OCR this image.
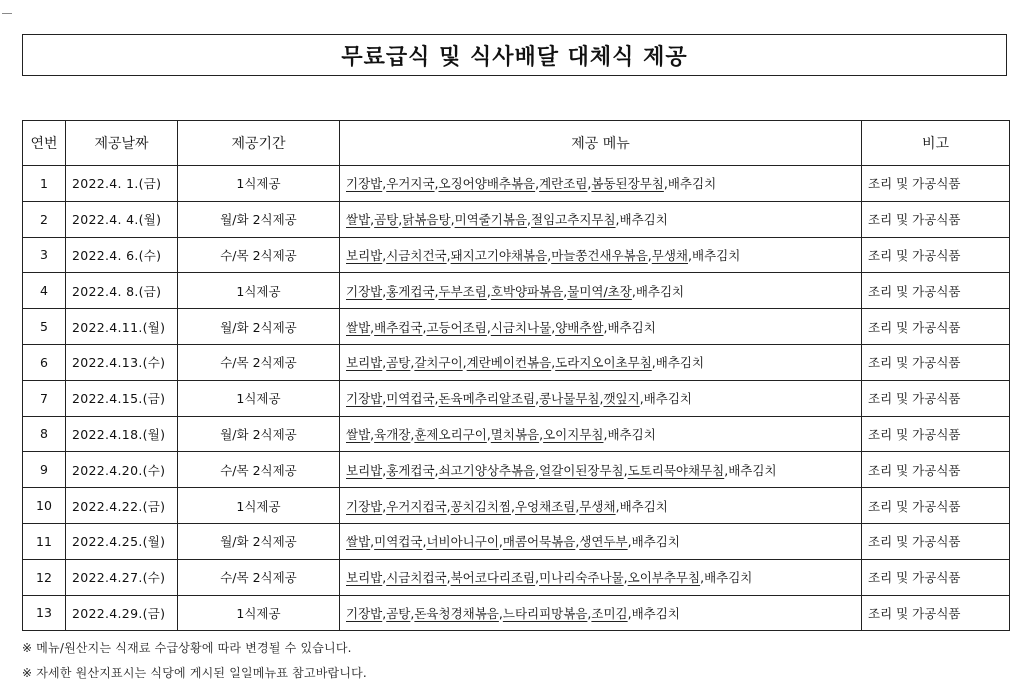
무료급식 및 식사배달 대체식 제공
연번	제공날짜	제공기간	제공 메뉴	비고
1	2022.4. 1.(금)	1식제공	기장밥,우거지국,오징어양배추볶음,계란조림,봄동된장무침,배추김치	조리 및 가공식품
2	2022.4. 4.(월)	월/화 2식제공	쌀밥,곰탕,닭볶음탕,미역줄기볶음,절임고추지무침,배추김치	조리 및 가공식품
3	2022.4. 6.(수)	수/목 2식제공	보리밥,시금치건국,돼지고기야채볶음,마늘쫑건새우볶음,무생채,배추김치	조리 및 가공식품
4	2022.4. 8.(금)	1식제공	기장밥,홍게컵국,두부조림,호박양파볶음,물미역/초장,배추김치	조리 및 가공식품
5	2022.4.11.(월)	월/화 2식제공	쌀밥,배추컵국,고등어조림,시금치나물,양배추쌈,배추김치	조리 및 가공식품
6	2022.4.13.(수)	수/목 2식제공	보리밥,곰탕,갈치구이,계란베이컨볶음,도라지오이초무침,배추김치	조리 및 가공식품
7	2022.4.15.(금)	1식제공	기장밥,미역컵국,돈육메추리알조림,콩나물무침,깻잎지,배추김치	조리 및 가공식품
8	2022.4.18.(월)	월/화 2식제공	쌀밥,육개장,훈제오리구이,멸치볶음,오이지무침,배추김치	조리 및 가공식품
9	2022.4.20.(수)	수/목 2식제공	보리밥,홍게컵국,쇠고기양상추볶음,얼갈이된장무침,도토리묵야채무침,배추김치	조리 및 가공식품
10	2022.4.22.(금)	1식제공	기장밥,우거지컵국,꽁치김치찜,우엉채조림,무생채,배추김치	조리 및 가공식품
11	2022.4.25.(월)	월/화 2식제공	쌀밥,미역컵국,너비아니구이,매콤어묵볶음,생연두부,배추김치	조리 및 가공식품
12	2022.4.27.(수)	수/목 2식제공	보리밥,시금치컵국,북어코다리조림,미나리숙주나물,오이부추무침,배추김치	조리 및 가공식품
13	2022.4.29.(금)	1식제공	기장밥,곰탕,돈육청경채볶음,느타리피망볶음,조미김,배추김치	조리 및 가공식품
※ 메뉴/원산지는 식재료 수급상황에 따라 변경될 수 있습니다.
※ 자세한 원산지표시는 식당에 게시된 일일메뉴표 참고바랍니다.
